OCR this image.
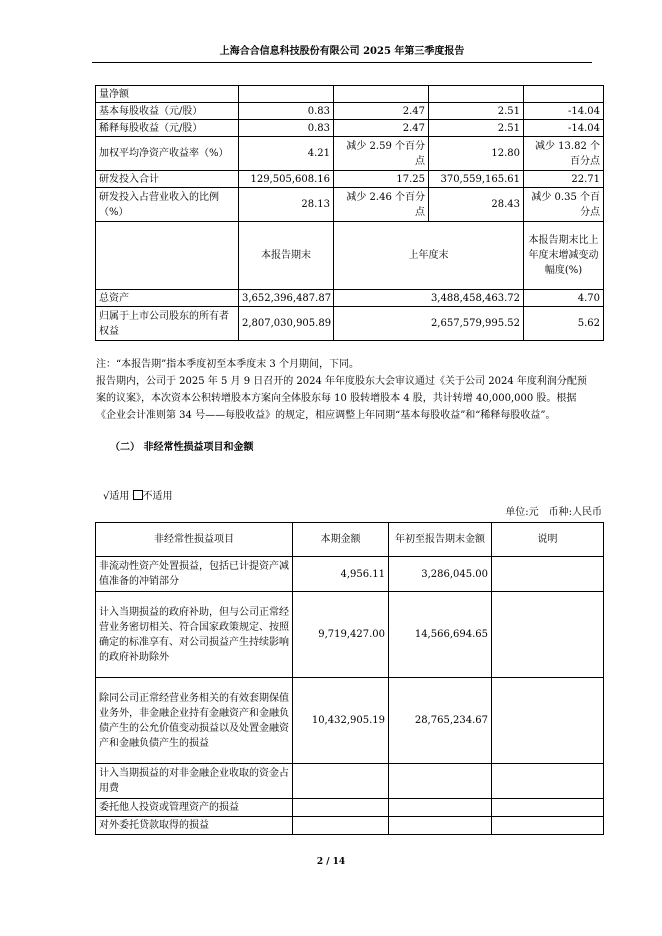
上海合合信息科技股份有限公司 2025 年第三季度报告
量净额				
基本每股收益（元/股）	0.83	2.47	2.51	-14.04
稀释每股收益（元/股）	0.83	2.47	2.51	-14.04
加权平均净资产收益率（%）	4.21	减少 2.59 个百分点	12.80	减少 13.82 个百分点
研发投入合计	129,505,608.16	17.25	370,559,165.61	22.71
研发投入占营业收入的比例（%）	28.13	减少 2.46 个百分点	28.43	减少 0.35 个百分点
	本报告期末	上年度末		本报告期末比上年度末增减变动幅度(%)
总资产	3,652,396,487.87	3,488,458,463.72		4.70
归属于上市公司股东的所有者权益	2,807,030,905.89	2,657,579,995.52		5.62

注：“本报告期”指本季度初至本季度末 3 个月期间，下同。

报告期内，公司于 2025 年 5 月 9 日召开的 2024 年年度股东大会审议通过《关于公司 2024 年度利润分配预案的议案》，本次资本公积转增股本方案向全体股东每 10 股转增股本 4 股，共计转增 40,000,000 股。根据《企业会计准则第 34 号——每股收益》的规定，相应调整上年同期“基本每股收益”和“稀释每股收益”。

（二） 非经常性损益项目和金额
√适用 不适用
单位:元　币种:人民币
非经常性损益项目	本期金额	年初至报告期末金额	说明
非流动性资产处置损益，包括已计提资产减值准备的冲销部分	4,956.11	3,286,045.00	
计入当期损益的政府补助，但与公司正常经营业务密切相关、符合国家政策规定、按照确定的标准享有、对公司损益产生持续影响的政府补助除外	9,719,427.00	14,566,694.65	
除同公司正常经营业务相关的有效套期保值业务外，非金融企业持有金融资产和金融负债产生的公允价值变动损益以及处置金融资产和金融负债产生的损益	10,432,905.19	28,765,234.67	
计入当期损益的对非金融企业收取的资金占用费			
委托他人投资或管理资产的损益			
对外委托贷款取得的损益			
2 / 14
